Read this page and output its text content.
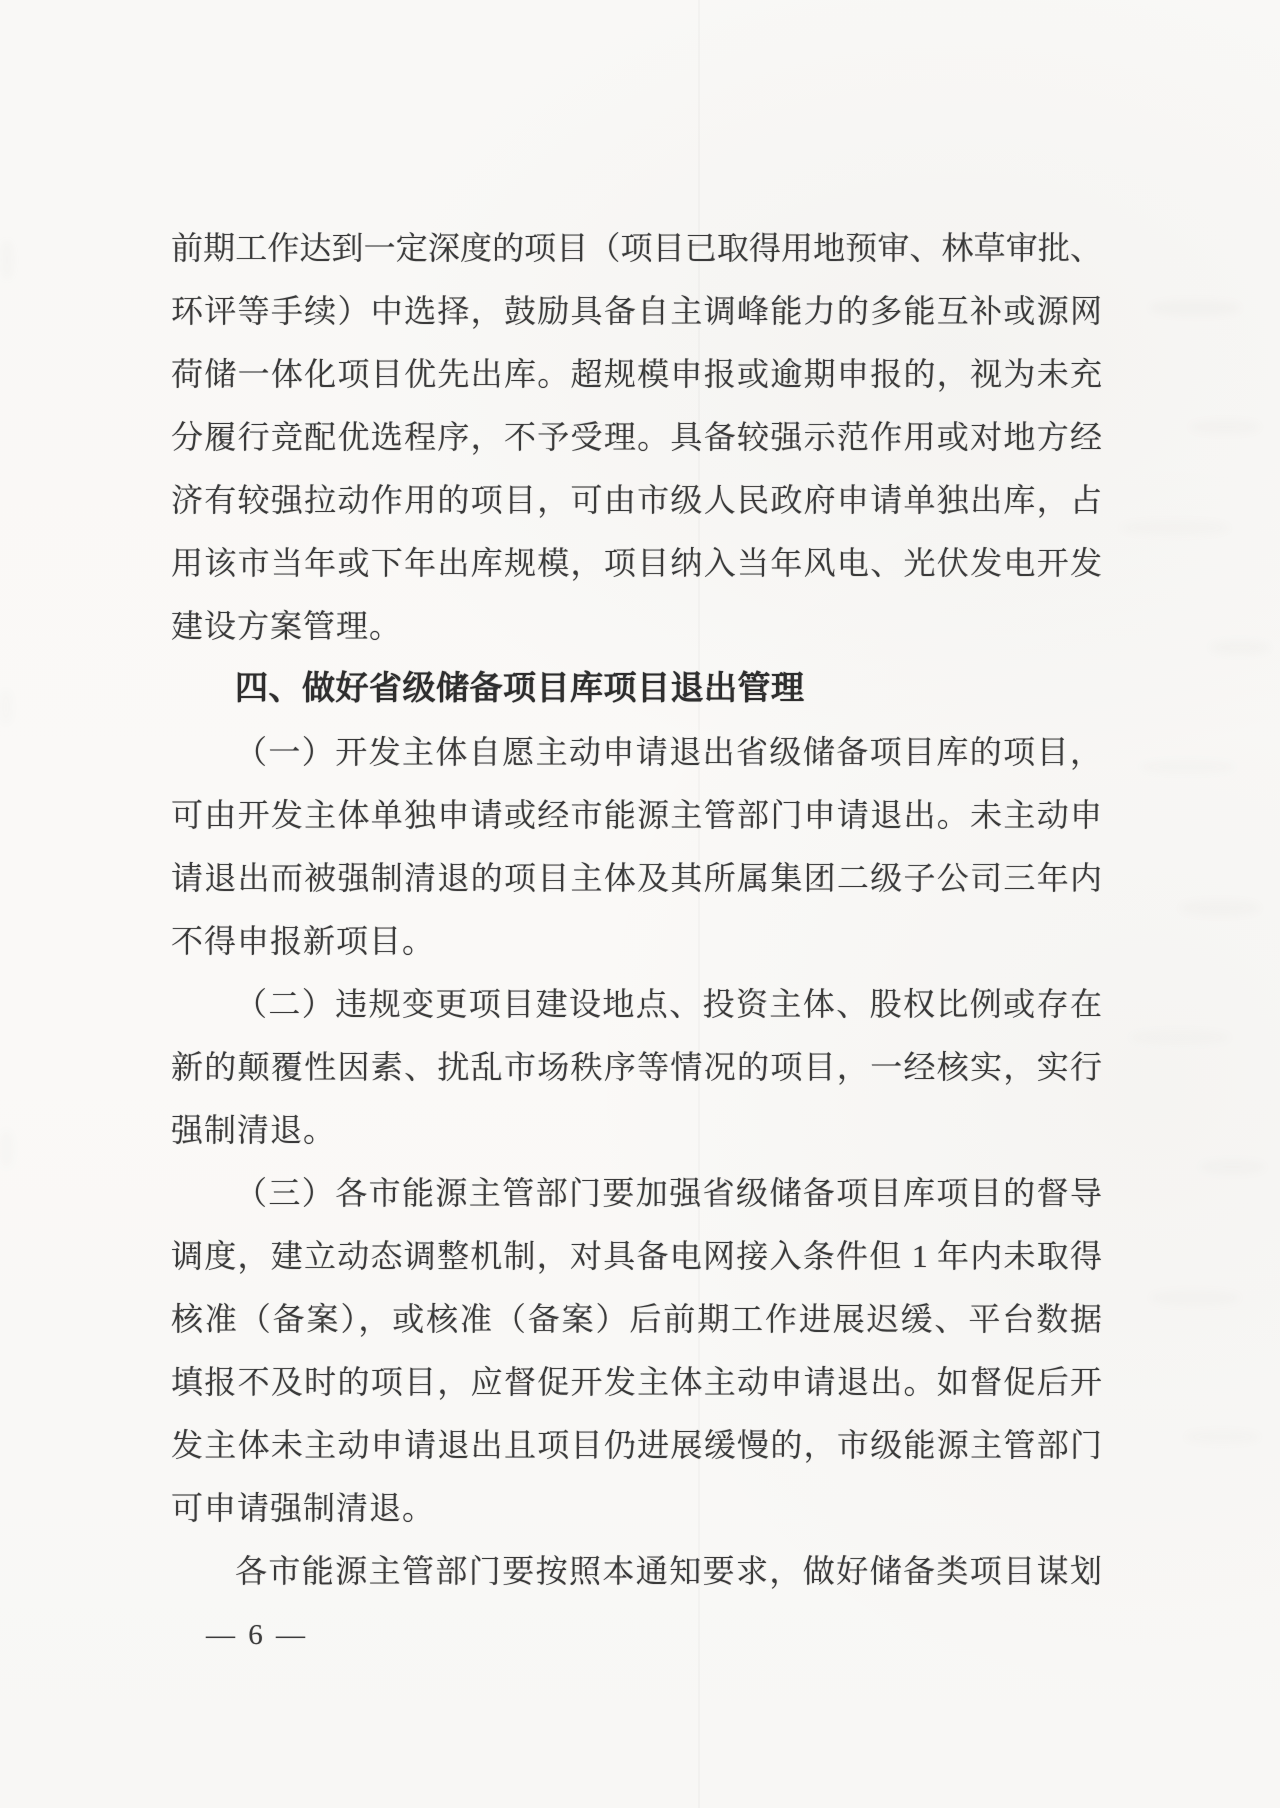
前期工作达到一定深度的项目（项目已取得用地预审、林草审批、
环评等手续）中选择，鼓励具备自主调峰能力的多能互补或源网
荷储一体化项目优先出库。超规模申报或逾期申报的，视为未充
分履行竞配优选程序，不予受理。具备较强示范作用或对地方经
济有较强拉动作用的项目，可由市级人民政府申请单独出库，占
用该市当年或下年出库规模，项目纳入当年风电、光伏发电开发
建设方案管理。
四、做好省级储备项目库项目退出管理
（一）开发主体自愿主动申请退出省级储备项目库的项目，
可由开发主体单独申请或经市能源主管部门申请退出。未主动申
请退出而被强制清退的项目主体及其所属集团二级子公司三年内
不得申报新项目。
（二）违规变更项目建设地点、投资主体、股权比例或存在
新的颠覆性因素、扰乱市场秩序等情况的项目，一经核实，实行
强制清退。
（三）各市能源主管部门要加强省级储备项目库项目的督导
调度，建立动态调整机制，对具备电网接入条件但 1 年内未取得
核准（备案），或核准（备案）后前期工作进展迟缓、平台数据
填报不及时的项目，应督促开发主体主动申请退出。如督促后开
发主体未主动申请退出且项目仍进展缓慢的，市级能源主管部门
可申请强制清退。
各市能源主管部门要按照本通知要求，做好储备类项目谋划
— 6 —
